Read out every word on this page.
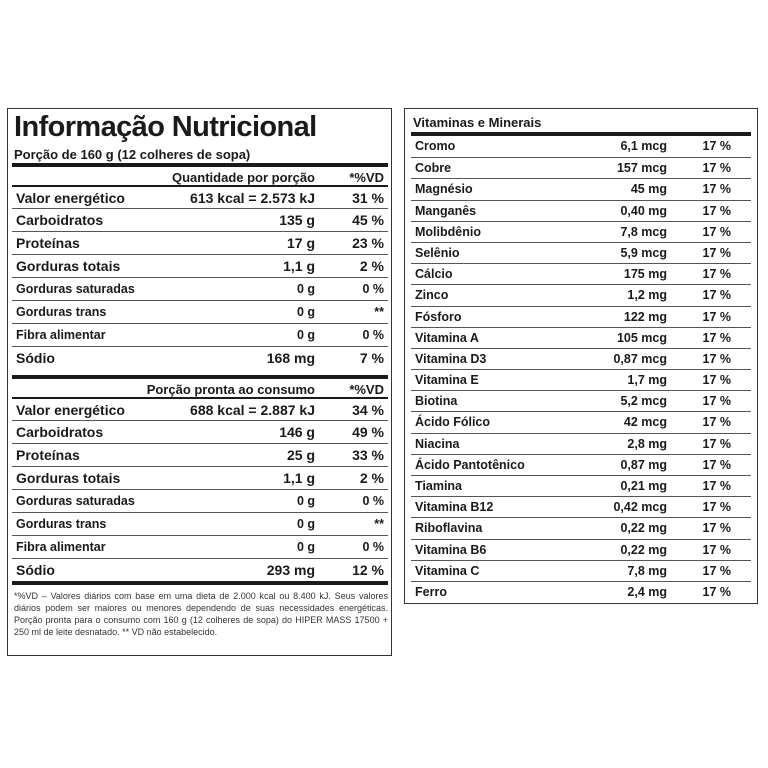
Informação Nutricional
Porção de 160 g (12 colheres de sopa)
Quantidade por porção	*%VD
Valor energético	613 kcal = 2.573 kJ	31 %
Carboidratos	135 g	45 %
Proteínas	17 g	23 %
Gorduras totais	1,1 g	2 %
Gorduras saturadas	0 g	0 %
Gorduras trans	0 g	**
Fibra alimentar	0 g	0 %
Sódio	168 mg	7 %
Porção pronta ao consumo	*%VD
Valor energético	688 kcal = 2.887 kJ	34 %
Carboidratos	146 g	49 %
Proteínas	25 g	33 %
Gorduras totais	1,1 g	2 %
Gorduras saturadas	0 g	0 %
Gorduras trans	0 g	**
Fibra alimentar	0 g	0 %
Sódio	293 mg	12 %
*%VD – Valores diários com base em uma dieta de 2.000 kcal ou 8.400 kJ. Seus valores diários podem ser maiores ou menores dependendo de suas necessidades energéticas. Porção pronta para o consumo com 160 g (12 colheres de sopa) do HIPER MASS 17500 + 250 ml de leite desnatado. ** VD não estabelecido.
Vitaminas e Minerais
Cromo	6,1 mcg	17 %
Cobre	157 mcg	17 %
Magnésio	45 mg	17 %
Manganês	0,40 mg	17 %
Molibdênio	7,8 mcg	17 %
Selênio	5,9 mcg	17 %
Cálcio	175 mg	17 %
Zinco	1,2 mg	17 %
Fósforo	122 mg	17 %
Vitamina A	105 mcg	17 %
Vitamina D3	0,87 mcg	17 %
Vitamina E	1,7 mg	17 %
Biotina	5,2 mcg	17 %
Ácido Fólico	42 mcg	17 %
Niacina	2,8 mg	17 %
Ácido Pantotênico	0,87 mg	17 %
Tiamina	0,21 mg	17 %
Vitamina B12	0,42 mcg	17 %
Riboflavina	0,22 mg	17 %
Vitamina B6	0,22 mg	17 %
Vitamina C	7,8 mg	17 %
Ferro	2,4 mg	17 %
